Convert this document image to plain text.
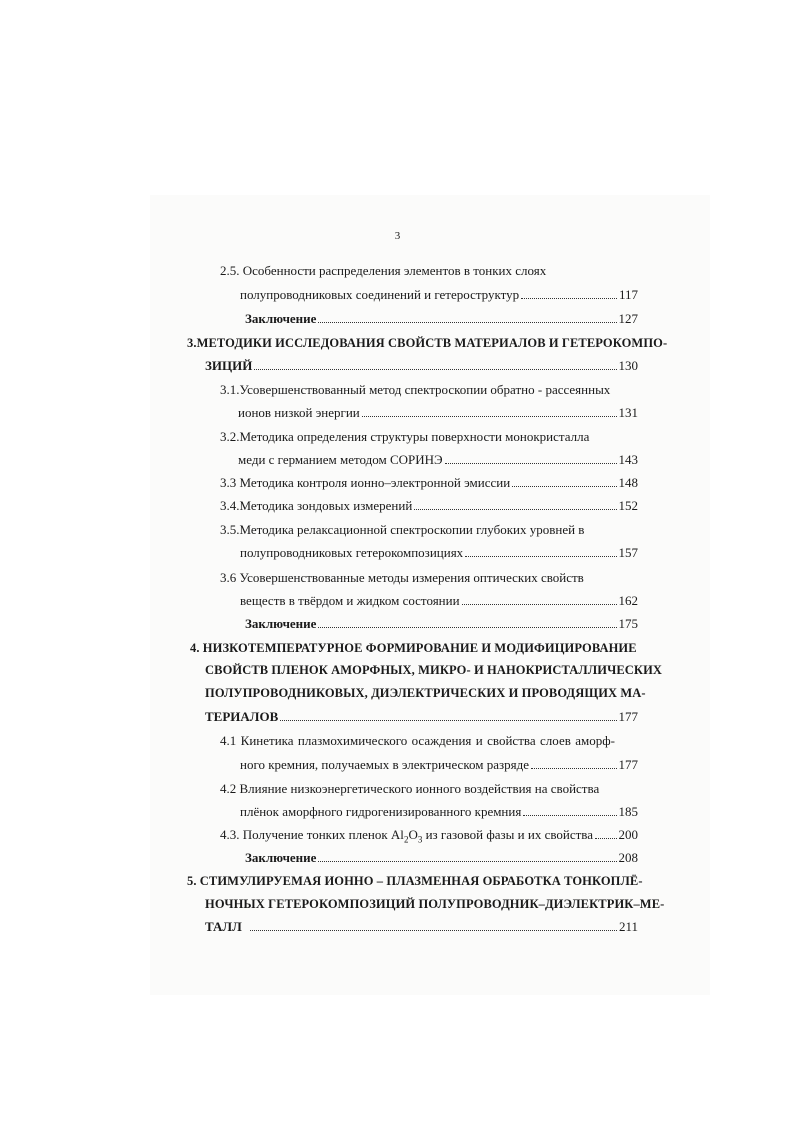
3
2.5. Особенности распределения элементов в тонких слоях
полупроводниковых соединений и гетероструктур	117
Заключение	127
3.МЕТОДИКИ ИССЛЕДОВАНИЯ СВОЙСТВ МАТЕРИАЛОВ И ГЕТЕРОКОМПО-
ЗИЦИЙ	130
3.1.Усовершенствованный метод спектроскопии обратно - рассеянных
ионов низкой энергии	131
3.2.Методика определения структуры поверхности монокристалла
меди с германием методом СОРИНЭ	143
3.3 Методика контроля ионно–электронной эмиссии	148
3.4.Методика зондовых измерений	152
3.5.Методика релаксационной спектроскопии глубоких уровней в
полупроводниковых гетерокомпозициях	157
3.6 Усовершенствованные методы измерения оптических свойств
веществ в твёрдом и жидком состоянии	162
Заключение	175
4. НИЗКОТЕМПЕРАТУРНОЕ ФОРМИРОВАНИЕ И МОДИФИЦИРОВАНИЕ
СВОЙСТВ ПЛЕНОК АМОРФНЫХ, МИКРО- И НАНОКРИСТАЛЛИЧЕСКИХ
ПОЛУПРОВОДНИКОВЫХ, ДИЭЛЕКТРИЧЕСКИХ И ПРОВОДЯЩИХ МА-
ТЕРИАЛОВ	177
4.1 Кинетика плазмохимического осаждения и свойства слоев аморф-
ного кремния, получаемых в электрическом разряде	177
4.2 Влияние низкоэнергетического ионного воздействия на свойства
плёнок аморфного гидрогенизированного кремния	185
4.3. Получение тонких пленок $Al_2O_3$ из газовой фазы и их свойства 200
Заключение	208
5. СТИМУЛИРУЕМАЯ ИОННО – ПЛАЗМЕННАЯ ОБРАБОТКА ТОНКОПЛЁ-
НОЧНЫХ ГЕТЕРОКОМПОЗИЦИЙ ПОЛУПРОВОДНИК–ДИЭЛЕКТРИК–МЕ-
ТАЛЛ	211
